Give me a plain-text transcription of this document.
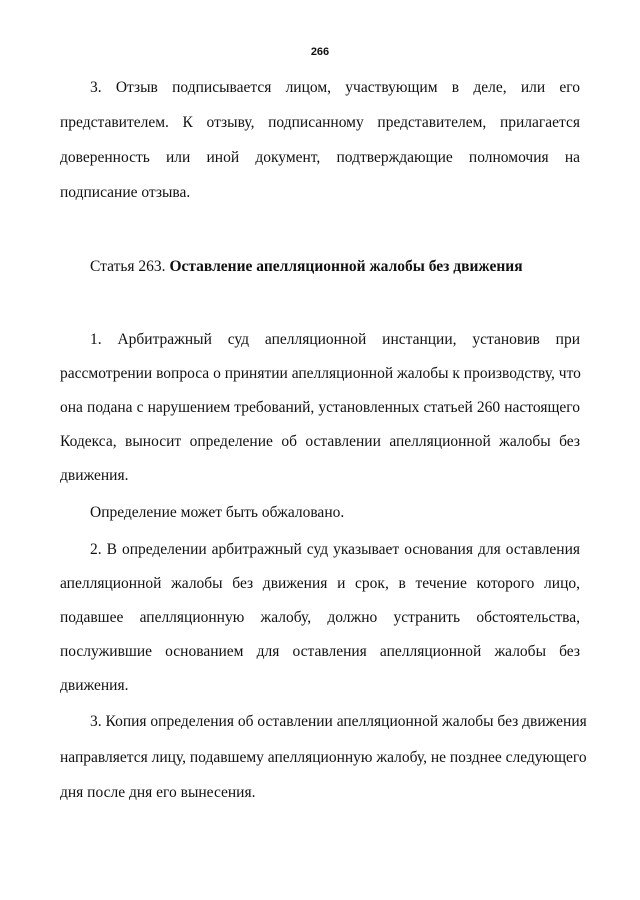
266
3. Отзыв подписывается лицом, участвующим в деле, или его
представителем. К отзыву, подписанному представителем, прилагается
доверенность или иной документ, подтверждающие полномочия на
подписание отзыва.
Статья 263. Оставление апелляционной жалобы без движения
1. Арбитражный суд апелляционной инстанции, установив при
рассмотрении вопроса о принятии апелляционной жалобы к производству, что
она подана с нарушением требований, установленных статьей 260 настоящего
Кодекса, выносит определение об оставлении апелляционной жалобы без
движения.
Определение может быть обжаловано.
2. В определении арбитражный суд указывает основания для оставления
апелляционной жалобы без движения и срок, в течение которого лицо,
подавшее апелляционную жалобу, должно устранить обстоятельства,
послужившие основанием для оставления апелляционной жалобы без
движения.
3. Копия определения об оставлении апелляционной жалобы без движения
направляется лицу, подавшему апелляционную жалобу, не позднее следующего
дня после дня его вынесения.
